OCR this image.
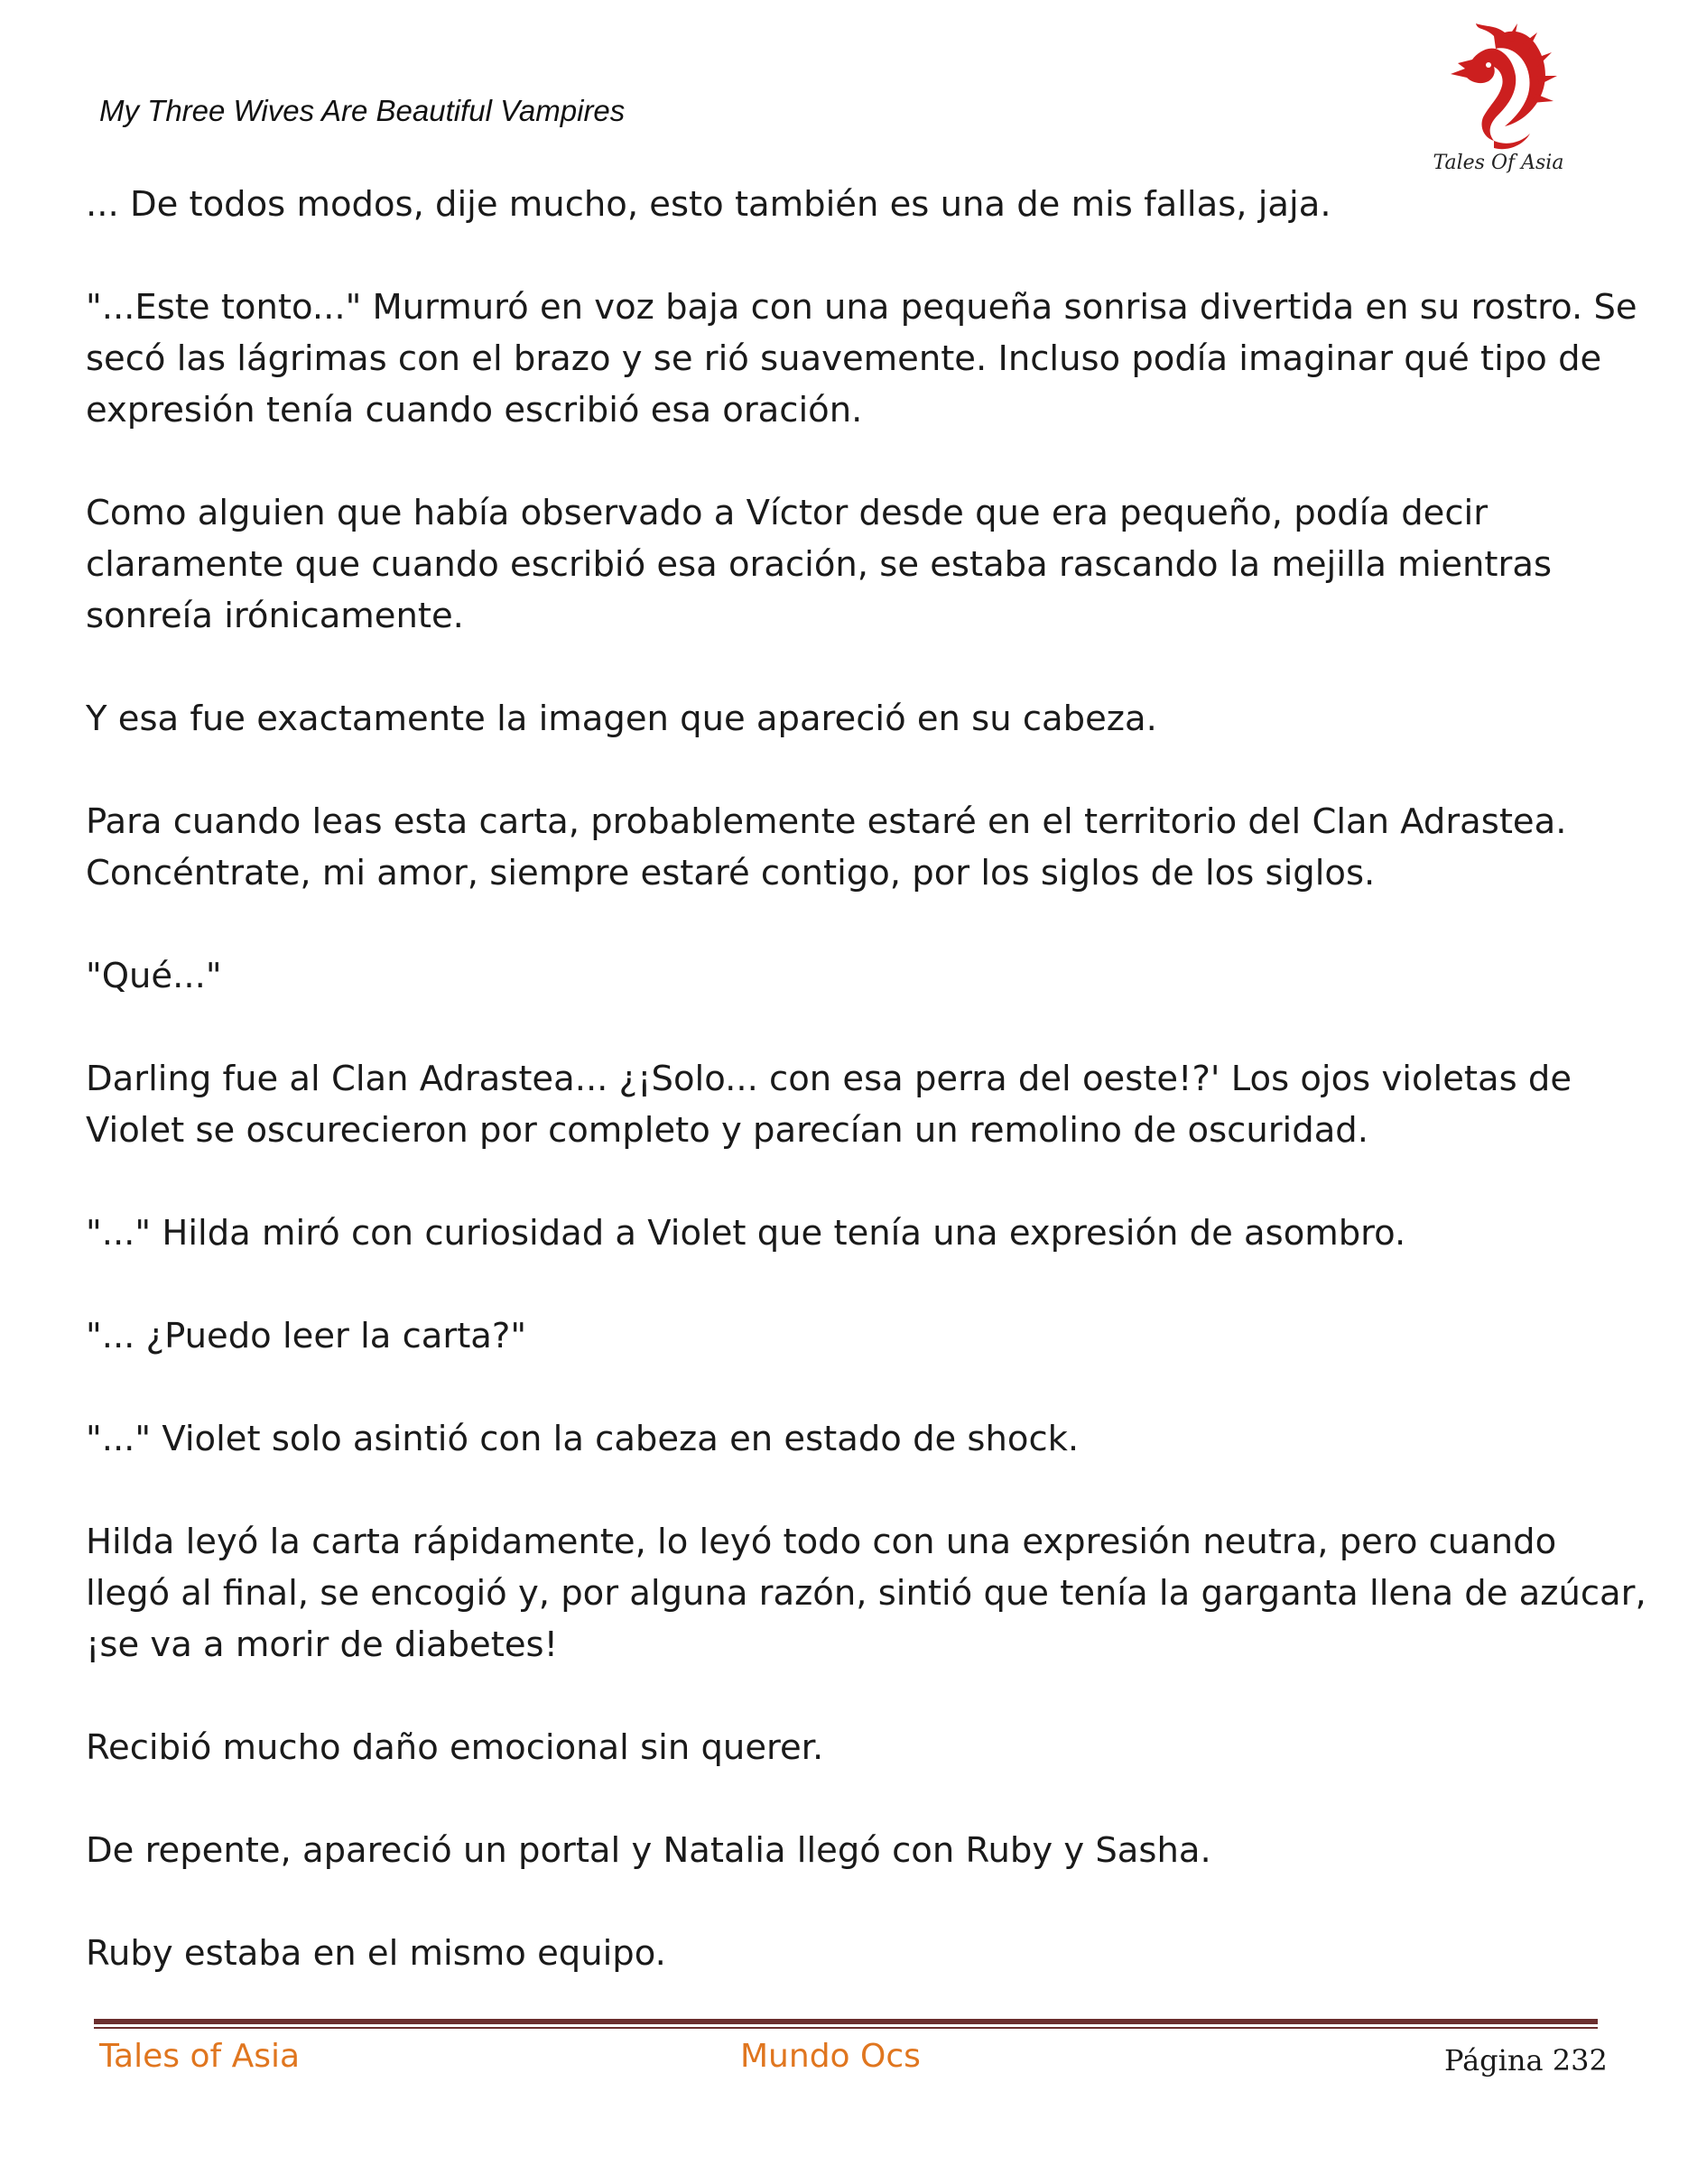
My Three Wives Are Beautiful Vampires
Tales Of Asia

... De todos modos, dije mucho, esto también es una de mis fallas, jaja.

"...Este tonto..." Murmuró en voz baja con una pequeña sonrisa divertida en su rostro. Se
secó las lágrimas con el brazo y se rió suavemente. Incluso podía imaginar qué tipo de
expresión tenía cuando escribió esa oración.

Como alguien que había observado a Víctor desde que era pequeño, podía decir
claramente que cuando escribió esa oración, se estaba rascando la mejilla mientras
sonreía irónicamente.

Y esa fue exactamente la imagen que apareció en su cabeza.

Para cuando leas esta carta, probablemente estaré en el territorio del Clan Adrastea.
Concéntrate, mi amor, siempre estaré contigo, por los siglos de los siglos.

"Qué..."

Darling fue al Clan Adrastea... ¿¡Solo... con esa perra del oeste!?' Los ojos violetas de
Violet se oscurecieron por completo y parecían un remolino de oscuridad.

"..." Hilda miró con curiosidad a Violet que tenía una expresión de asombro.

"... ¿Puedo leer la carta?"

"..." Violet solo asintió con la cabeza en estado de shock.

Hilda leyó la carta rápidamente, lo leyó todo con una expresión neutra, pero cuando
llegó al final, se encogió y, por alguna razón, sintió que tenía la garganta llena de azúcar,
¡se va a morir de diabetes!

Recibió mucho daño emocional sin querer.

De repente, apareció un portal y Natalia llegó con Ruby y Sasha.

Ruby estaba en el mismo equipo.

Tales of Asia	Mundo Ocs	Página 232
